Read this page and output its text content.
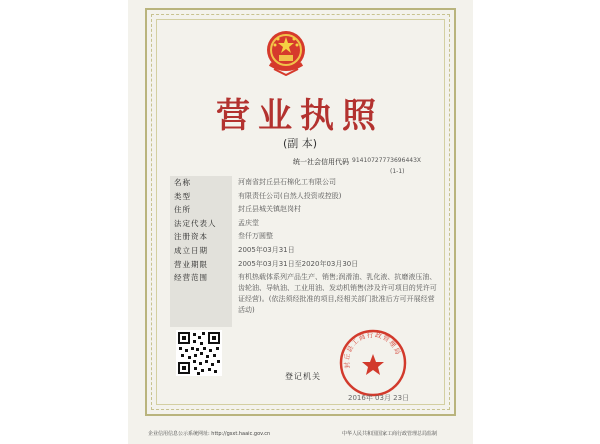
营业执照
(副 本)
统一社会信用代码 91410727773696443X
(1-1)
名称	河南省封丘县石棉化工有限公司
类型	有限责任公司(自然人投资或控股)
住所	封丘县城关镇赵岗村
法定代表人	孟庆堂
注册资本	叁仟万圆整
成立日期	2005年03月31日
营业期限	2005年03月31日至2020年03月30日
经营范围	有机热载体系列产品生产、销售;润滑油、乳化液、抗磨液压油、齿轮油、导轨油、工业用油、发动机销售(涉及许可项目的凭许可证经营)。(依法须经批准的项目,经相关部门批准后方可开展经营活动)
登记机关
封丘县工商行政管理局
2016年 03月 23日
企业信用信息公示系统网址: http://gsxt.haaic.gov.cn	中华人民共和国国家工商行政管理总局监制
